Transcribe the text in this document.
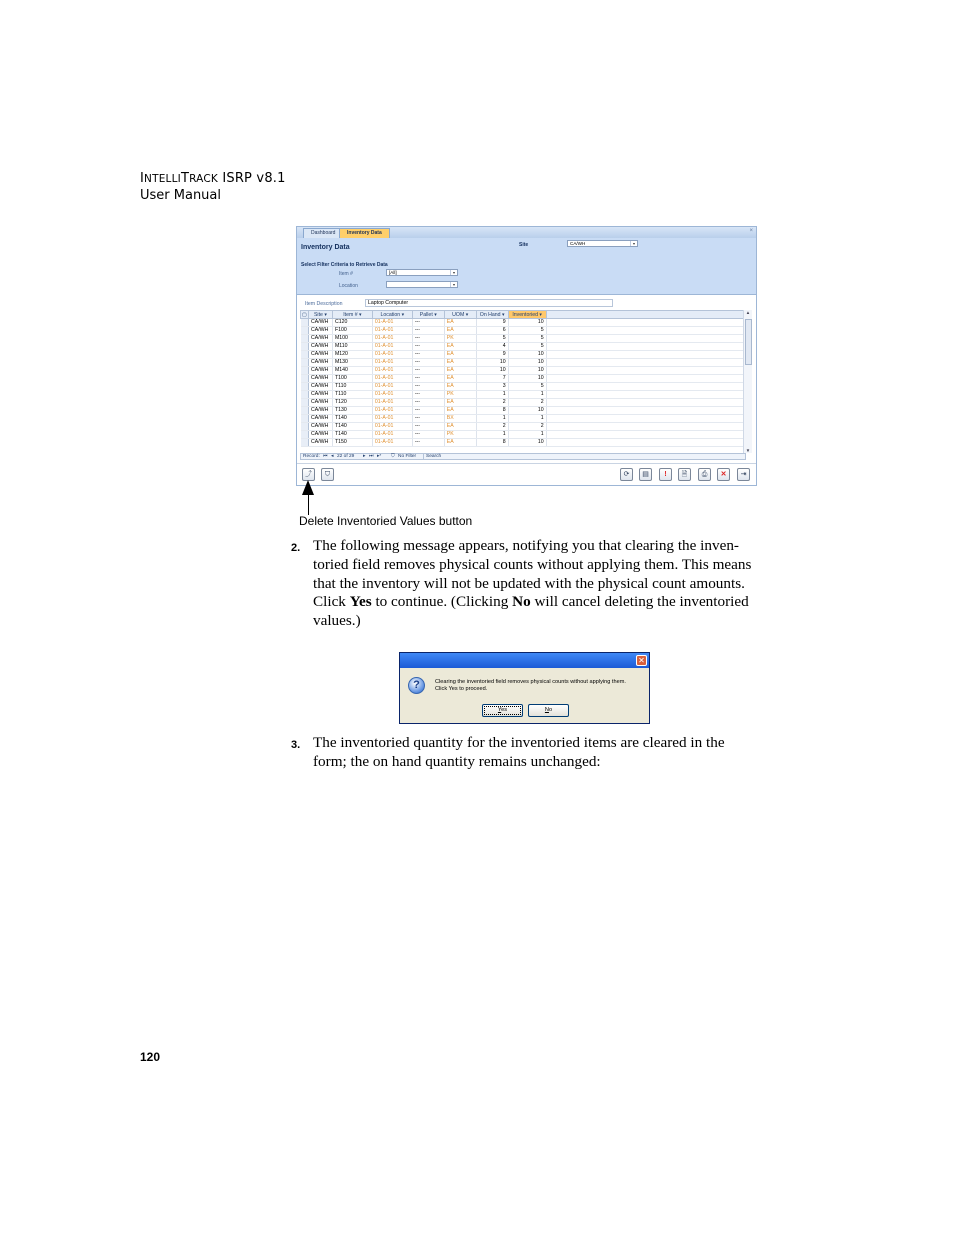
INTELLITRACK ISRP v8.1
User Manual
Dashboard	Inventory Data	×
Inventory Data	Site	CA/WH	▾
Select Filter Criteria to Retrieve Data
Item #	[All]	▾
Location	▾
Item Description	Laptop Computer
▢	Site ▾	Item # ▾	Location ▾	Pallet ▾	UOM ▾	On Hand ▾	Inventoried ▾	
	CA/WH	C120	01-A-01	---	EA	9	10	
	CA/WH	F100	01-A-01	---	EA	6	5	
	CA/WH	M100	01-A-01	---	PK	5	5	
	CA/WH	M110	01-A-01	---	EA	4	5	
	CA/WH	M120	01-A-01	---	EA	9	10	
	CA/WH	M130	01-A-01	---	EA	10	10	
	CA/WH	M140	01-A-01	---	EA	10	10	
	CA/WH	T100	01-A-01	---	EA	7	10	
	CA/WH	T110	01-A-01	---	EA	3	5	
	CA/WH	T110	01-A-01	---	PK	1	1	
	CA/WH	T120	01-A-01	---	EA	2	2	
	CA/WH	T130	01-A-01	---	EA	8	10	
	CA/WH	T140	01-A-01	---	BX	1	1	
	CA/WH	T140	01-A-01	---	EA	2	2	
	CA/WH	T140	01-A-01	---	PK	1	1	
	CA/WH	T150	01-A-01	---	EA	8	10	
▲
▼
Record: ⏮ ◂ 22 of 29 ▸ ⏭ ▸* ⛉ No Filter	Search
⤴	⛉	⟳	▤	!	🗎	⎙	✕	⇥
Delete Inventoried Values button
2. The following message appears, notifying you that clearing the inven-toried field removes physical counts without applying them. This means that the inventory will not be updated with the physical count amounts. Click Yes to continue. (Clicking No will cancel deleting the inventoried values.)
✕
?	Clearing the inventoried field removes physical counts without applying them.
Click Yes to proceed.
Yes	No
3. The inventoried quantity for the inventoried items are cleared in the form; the on hand quantity remains unchanged:
120
